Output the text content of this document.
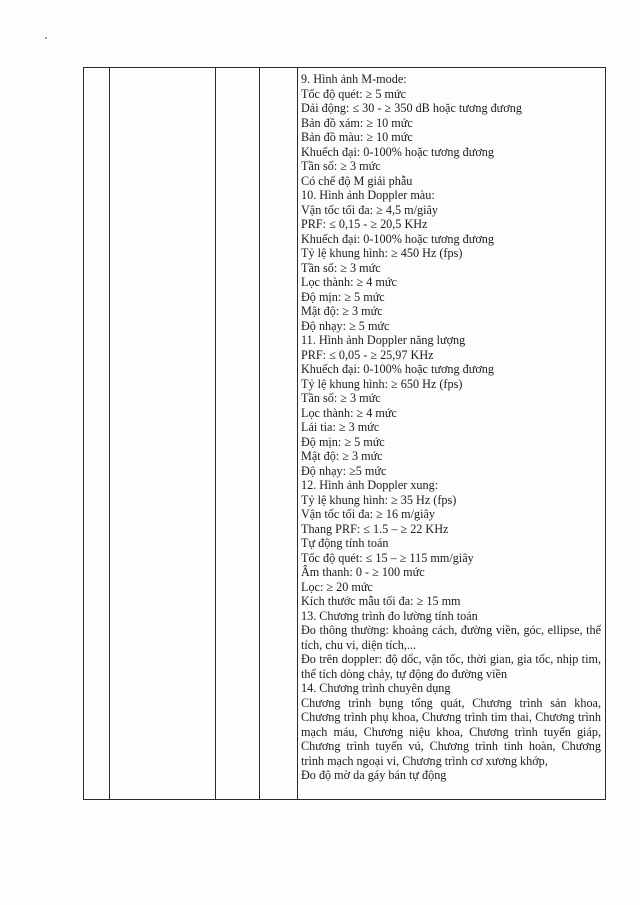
9. Hình ảnh M-mode:
Tốc độ quét: ≥ 5 mức
Dải động: ≤ 30 - ≥ 350 dB hoặc tương đương
Bản đồ xám: ≥ 10 mức
Bản đồ màu: ≥ 10 mức
Khuếch đại: 0-100% hoặc tương đương
Tần số: ≥ 3 mức
Có chế độ M giải phẫu
10. Hình ảnh Doppler màu:
Vận tốc tối đa: ≥ 4,5 m/giây
PRF: ≤ 0,15 - ≥ 20,5 KHz
Khuếch đại: 0-100% hoặc tương đương
Tỷ lệ khung hình: ≥ 450 Hz (fps)
Tần số: ≥ 3 mức
Lọc thành: ≥ 4 mức
Độ mịn: ≥ 5 mức
Mật độ: ≥ 3 mức
Độ nhạy: ≥ 5 mức
11. Hình ảnh Doppler năng lượng
PRF: ≤ 0,05 - ≥ 25,97 KHz
Khuếch đại: 0-100% hoặc tương đương
Tỷ lệ khung hình: ≥ 650 Hz (fps)
Tần số: ≥ 3 mức
Lọc thành: ≥ 4 mức
Lái tia: ≥ 3 mức
Độ mịn: ≥ 5 mức
Mật độ: ≥ 3 mức
Độ nhạy: ≥5 mức
12. Hình ảnh Doppler xung:
Tỷ lệ khung hình: ≥ 35 Hz (fps)
Vận tốc tối đa: ≥ 16 m/giây
Thang PRF: ≤ 1.5 – ≥ 22 KHz
Tự động tính toán
Tốc độ quét: ≤ 15 – ≥ 115 mm/giây
Âm thanh: 0 - ≥ 100 mức
Lọc: ≥ 20 mức
Kích thước mẫu tối đa: ≥ 15 mm
13. Chương trình đo lường tính toán
Đo thông thường: khoảng cách, đường viền, góc, ellipse, thể tích, chu vi, diện tích,...
Đo trên doppler: độ dốc, vận tốc, thời gian, gia tốc, nhịp tim, thể tích dòng chảy, tự động đo đường viền
14. Chương trình chuyên dụng
Chương trình bụng tổng quát, Chương trình sản khoa, Chương trình phụ khoa, Chương trình tim thai, Chương trình mạch máu, Chương niệu khoa, Chương trình tuyến giáp, Chương trình tuyến vú, Chương trình tinh hoàn, Chương trình mạch ngoại vi, Chương trình cơ xương khớp,
Đo độ mờ da gáy bán tự động
